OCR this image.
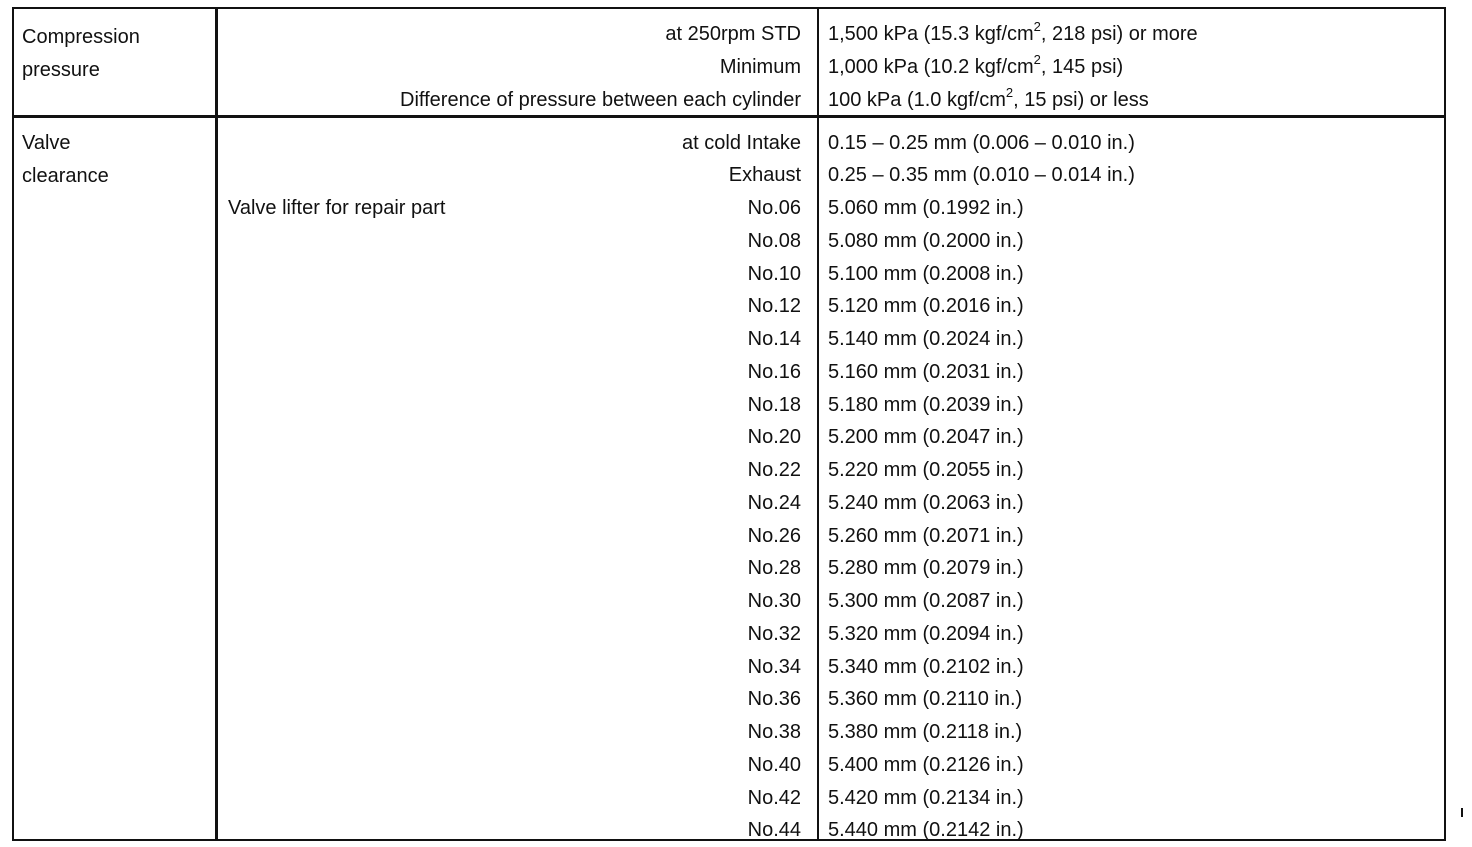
Compression
pressure
at 250rpm STD 1,500 kPa (15.3 kgf/$cm^2$, 218 psi) or more
Minimum 1,000 kPa (10.2 kgf/$cm^2$, 145 psi)
Difference of pressure between each cylinder 100 kPa (1.0 kgf/$cm^2$, 15 psi) or less
Valve
clearance
at cold Intake 0.15 – 0.25 mm (0.006 – 0.010 in.)
Exhaust 0.25 – 0.35 mm (0.010 – 0.014 in.)
Valve lifter for repair part	No.06 5.060 mm (0.1992 in.)
No.08 5.080 mm (0.2000 in.)
No.10 5.100 mm (0.2008 in.)
No.12 5.120 mm (0.2016 in.)
No.14 5.140 mm (0.2024 in.)
No.16 5.160 mm (0.2031 in.)
No.18 5.180 mm (0.2039 in.)
No.20 5.200 mm (0.2047 in.)
No.22 5.220 mm (0.2055 in.)
No.24 5.240 mm (0.2063 in.)
No.26 5.260 mm (0.2071 in.)
No.28 5.280 mm (0.2079 in.)
No.30 5.300 mm (0.2087 in.)
No.32 5.320 mm (0.2094 in.)
No.34 5.340 mm (0.2102 in.)
No.36 5.360 mm (0.2110 in.)
No.38 5.380 mm (0.2118 in.)
No.40 5.400 mm (0.2126 in.)
No.42 5.420 mm (0.2134 in.)
No.44 5.440 mm (0.2142 in.)
